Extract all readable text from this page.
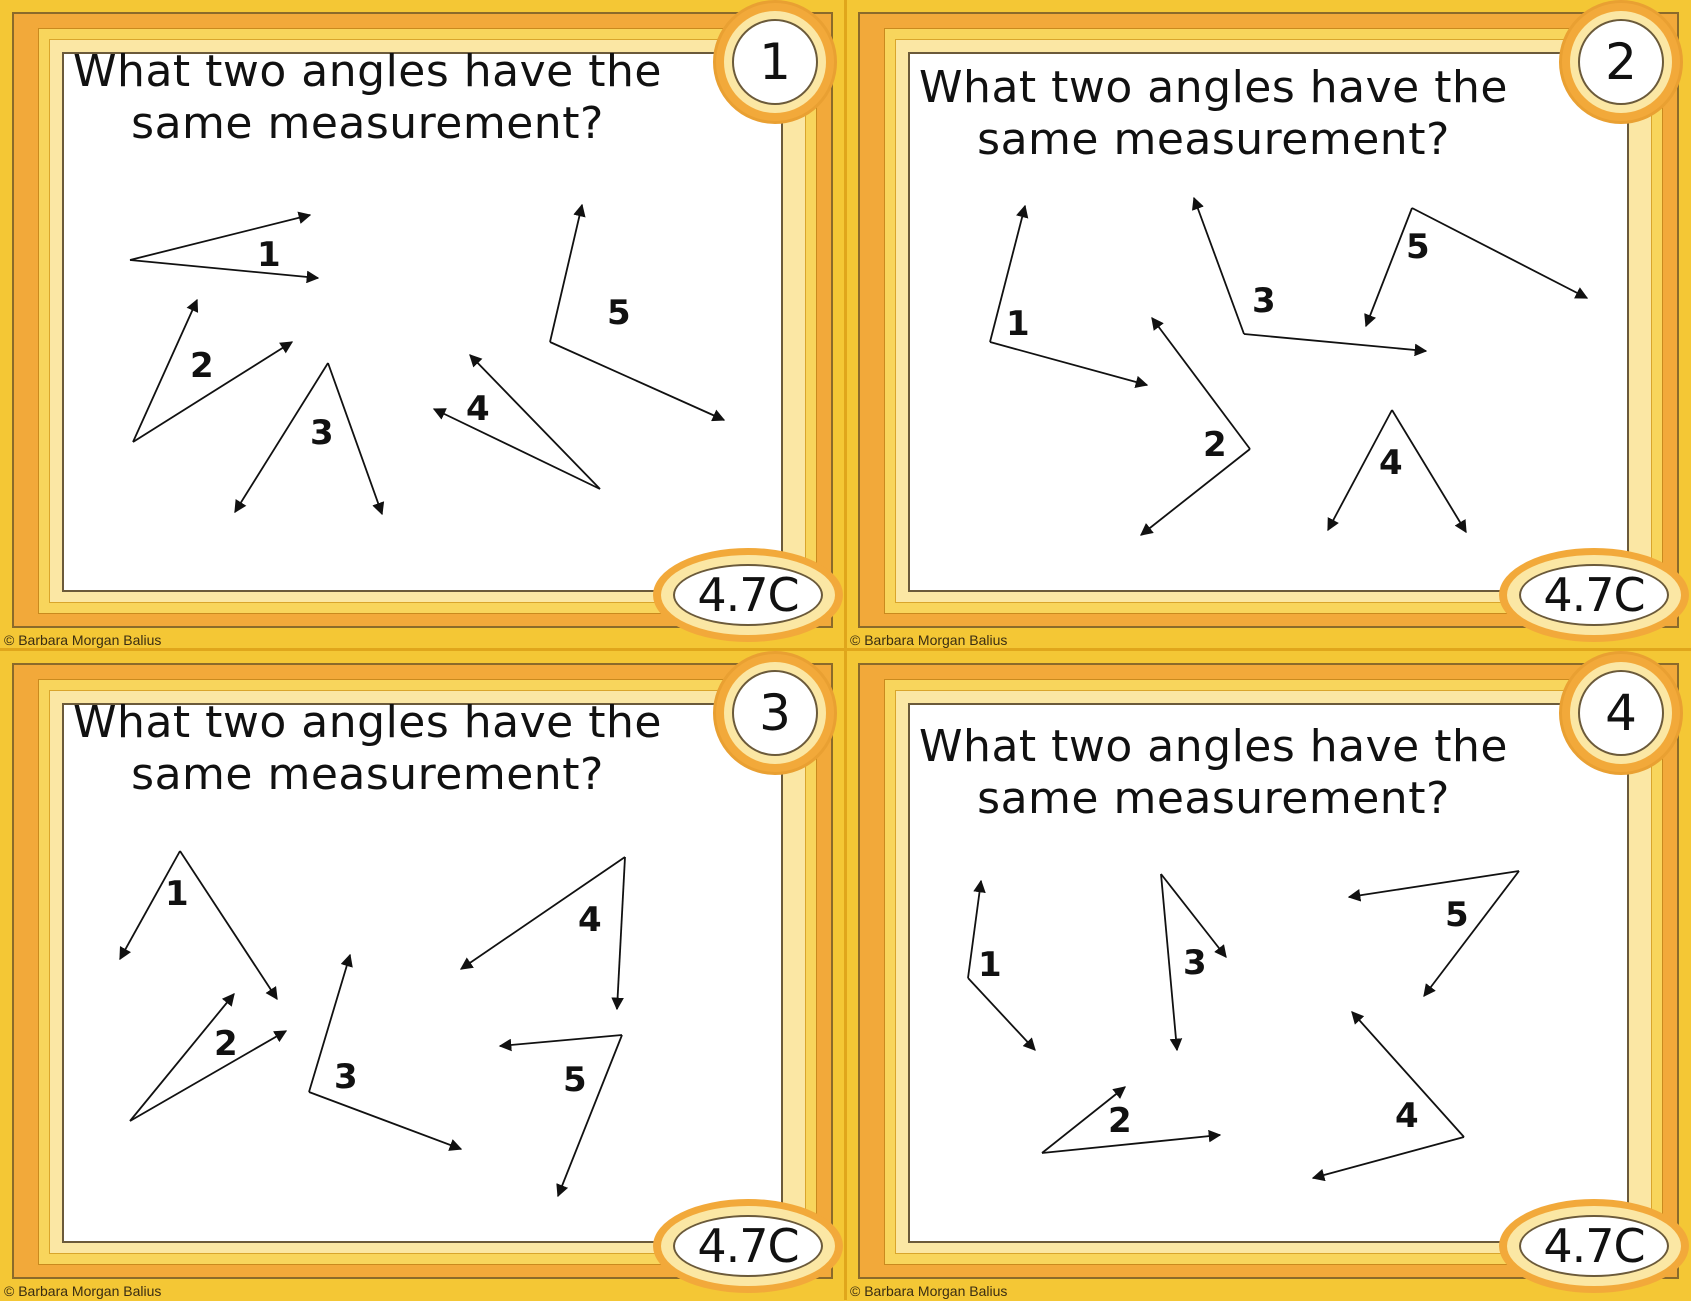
What two angles have the same measurement?
1
2
3
4
5
1
4.7C
© Barbara Morgan Balius
What two angles have the same measurement?
1
2
3
4
5
2
4.7C
© Barbara Morgan Balius
What two angles have the same measurement?
1
2
3
4
5
3
4.7C
© Barbara Morgan Balius
What two angles have the same measurement?
1
2
3
4
5
4
4.7C
© Barbara Morgan Balius
